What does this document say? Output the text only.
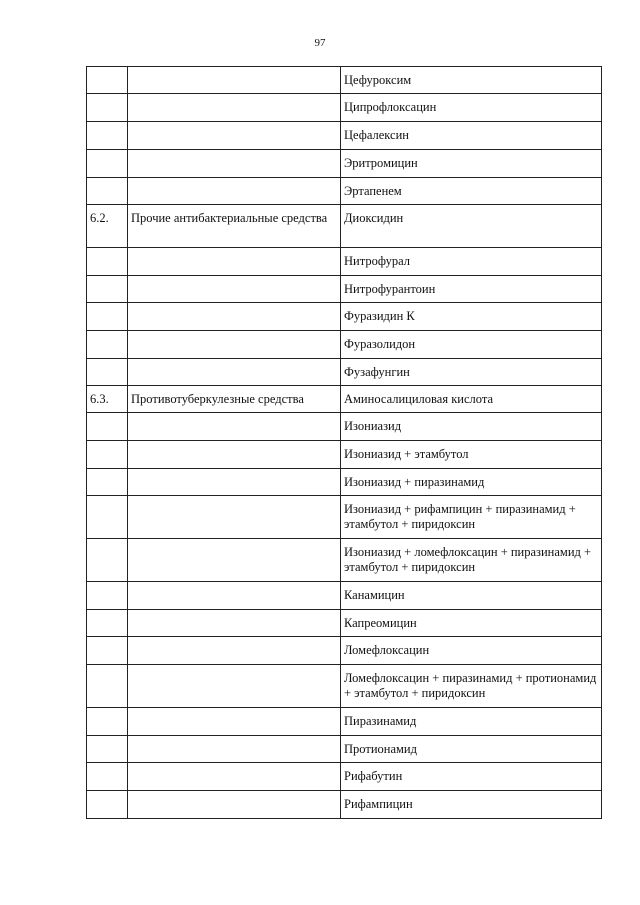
97
		Цефуроксим
		Ципрофлоксацин
		Цефалексин
		Эритромицин
		Эртапенем
6.2.	Прочие антибактериальные средства	Диоксидин
		Нитрофурал
		Нитрофурантоин
		Фуразидин К
		Фуразолидон
		Фузафунгин
6.3.	Противотуберкулезные средства	Аминосалициловая кислота
		Изониазид
		Изониазид + этамбутол
		Изониазид + пиразинамид
		Изониазид + рифампицин + пиразинамид + этамбутол + пиридоксин
		Изониазид + ломефлоксацин + пиразинамид + этамбутол + пиридоксин
		Канамицин
		Капреомицин
		Ломефлоксацин
		Ломефлоксацин + пиразинамид + протионамид + этамбутол + пиридоксин
		Пиразинамид
		Протионамид
		Рифабутин
		Рифампицин
